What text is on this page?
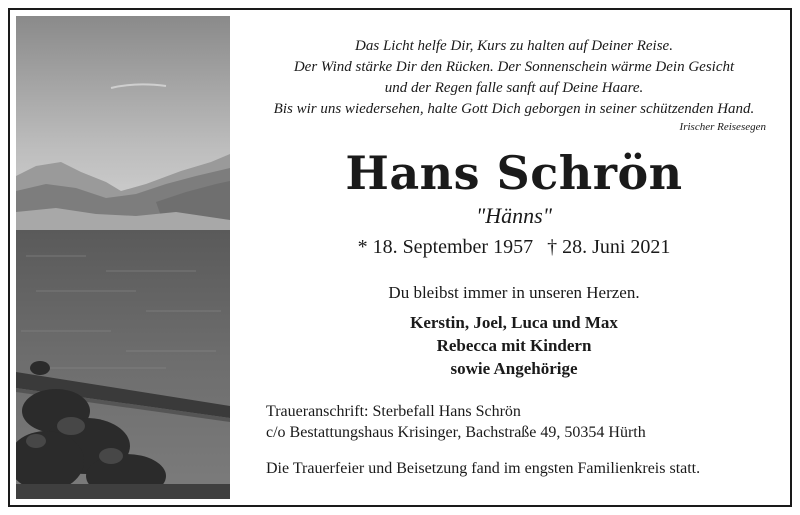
Das Licht helfe Dir, Kurs zu halten auf Deiner Reise.
Der Wind stärke Dir den Rücken. Der Sonnenschein wärme Dein Gesicht
und der Regen falle sanft auf Deine Haare.
Bis wir uns wiedersehen, halte Gott Dich geborgen in seiner schützenden Hand.
Irischer Reisesegen
Hans Schrön
"Hänns"
* 18. September 1957 † 28. Juni 2021
Du bleibst immer in unseren Herzen.
Kerstin, Joel, Luca und Max
Rebecca mit Kindern
sowie Angehörige
Traueranschrift: Sterbefall Hans Schrön
c/o Bestattungshaus Krisinger, Bachstraße 49, 50354 Hürth
Die Trauerfeier und Beisetzung fand im engsten Familienkreis statt.
